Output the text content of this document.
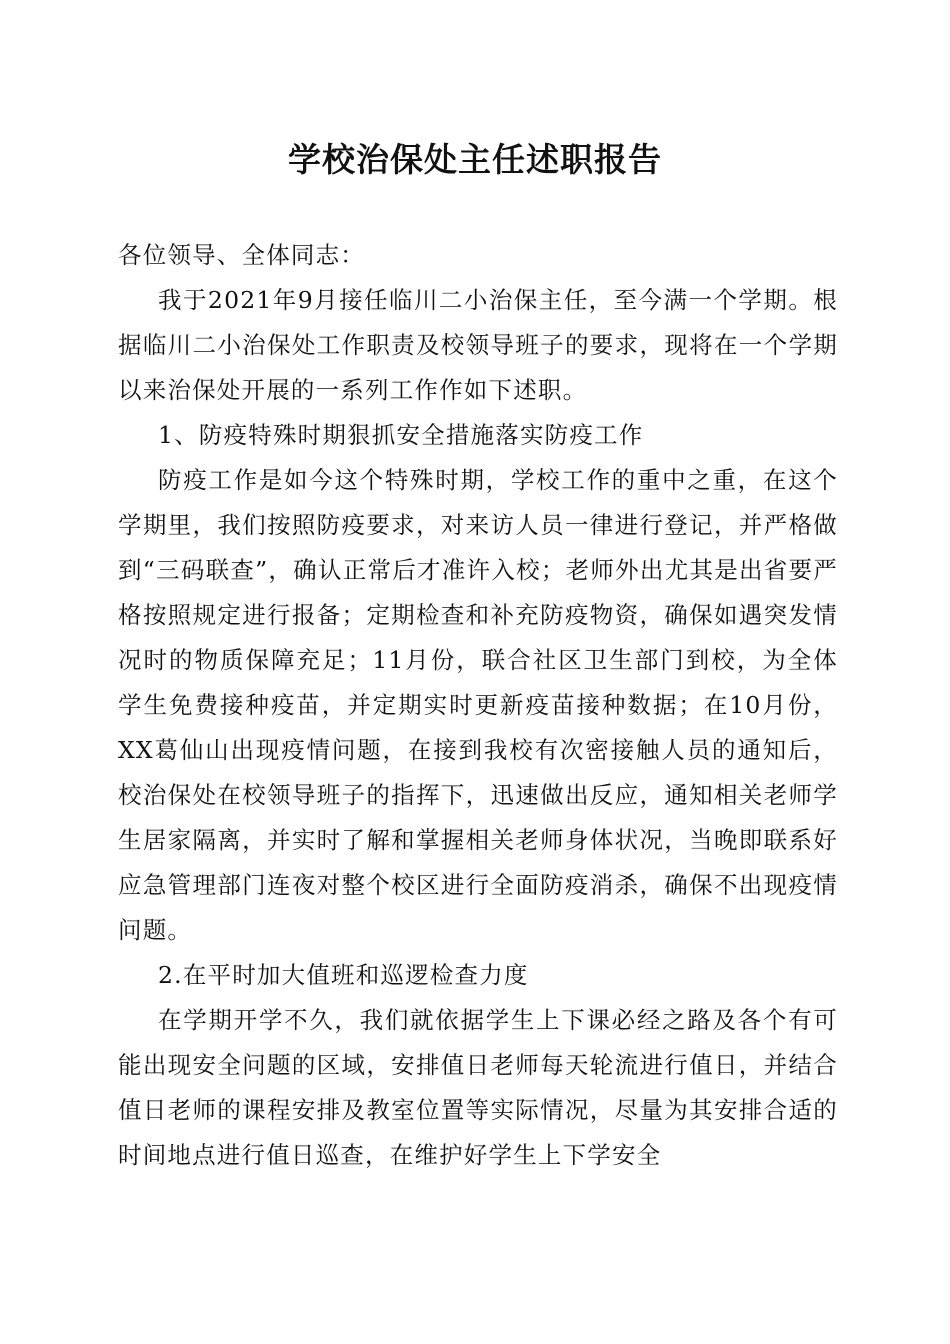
学校治保处主任述职报告

各位领导、全体同志：

我于2021年9月接任临川二小治保主任，至今满一个学期。根据临川二小治保处工作职责及校领导班子的要求，现将在一个学期以来治保处开展的一系列工作作如下述职。

1、防疫特殊时期狠抓安全措施落实防疫工作

防疫工作是如今这个特殊时期，学校工作的重中之重，在这个学期里，我们按照防疫要求，对来访人员一律进行登记，并严格做到“三码联查”，确认正常后才准许入校；老师外出尤其是出省要严格按照规定进行报备；定期检查和补充防疫物资，确保如遇突发情况时的物质保障充足；11月份，联合社区卫生部门到校，为全体学生免费接种疫苗，并定期实时更新疫苗接种数据；在10月份，XX葛仙山出现疫情问题，在接到我校有次密接触人员的通知后，校治保处在校领导班子的指挥下，迅速做出反应，通知相关老师学生居家隔离，并实时了解和掌握相关老师身体状况，当晚即联系好应急管理部门连夜对整个校区进行全面防疫消杀，确保不出现疫情问题。

2.在平时加大值班和巡逻检查力度

在学期开学不久，我们就依据学生上下课必经之路及各个有可能出现安全问题的区域，安排值日老师每天轮流进行值日，并结合值日老师的课程安排及教室位置等实际情况，尽量为其安排合适的时间地点进行值日巡查，在维护好学生上下学安全
